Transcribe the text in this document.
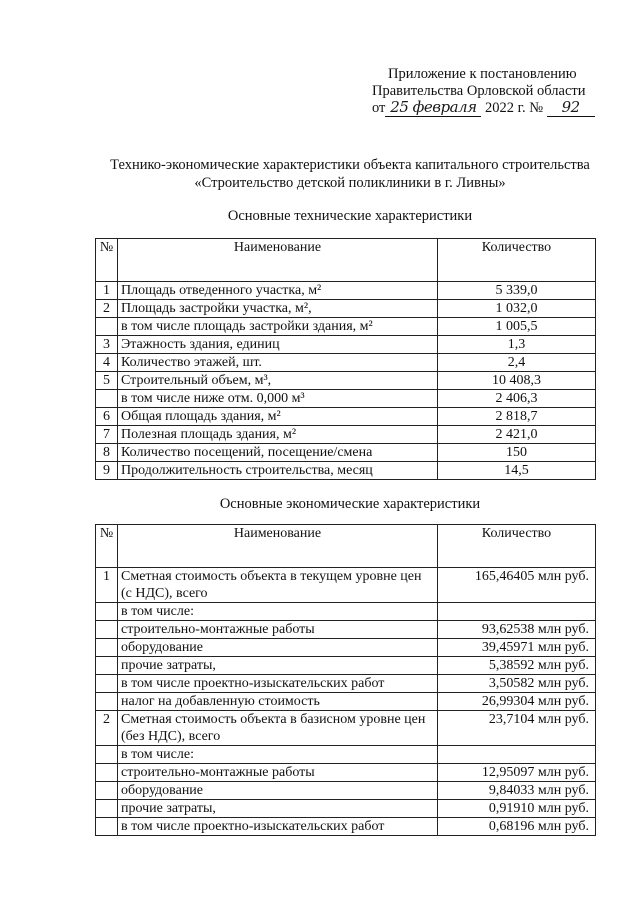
Приложение к постановлению
Правительства Орловской области
от 25 февраля 2022 г. № 92
Технико-экономические характеристики объекта капитального строительства
«Строительство детской поликлиники в г. Ливны»
Основные технические характеристики
№	Наименование	Количество
1	Площадь отведенного участка, м²	5 339,0
2	Площадь застройки участка, м²,	1 032,0
	в том числе площадь застройки здания, м²	1 005,5
3	Этажность здания, единиц	1,3
4	Количество этажей, шт.	2,4
5	Строительный объем, м³,	10 408,3
	в том числе ниже отм. 0,000 м³	2 406,3
6	Общая площадь здания, м²	2 818,7
7	Полезная площадь здания, м²	2 421,0
8	Количество посещений, посещение/смена	150
9	Продолжительность строительства, месяц	14,5
Основные экономические характеристики
№	Наименование	Количество
1	Сметная стоимость объекта в текущем уровне цен (с НДС), всего	165,46405 млн руб.
	в том числе:	
	строительно-монтажные работы	93,62538 млн руб.
	оборудование	39,45971 млн руб.
	прочие затраты,	5,38592 млн руб.
	в том числе проектно-изыскательских работ	3,50582 млн руб.
	налог на добавленную стоимость	26,99304 млн руб.
2	Сметная стоимость объекта в базисном уровне цен (без НДС), всего	23,7104 млн руб.
	в том числе:	
	строительно-монтажные работы	12,95097 млн руб.
	оборудование	9,84033 млн руб.
	прочие затраты,	0,91910 млн руб.
	в том числе проектно-изыскательских работ	0,68196 млн руб.
